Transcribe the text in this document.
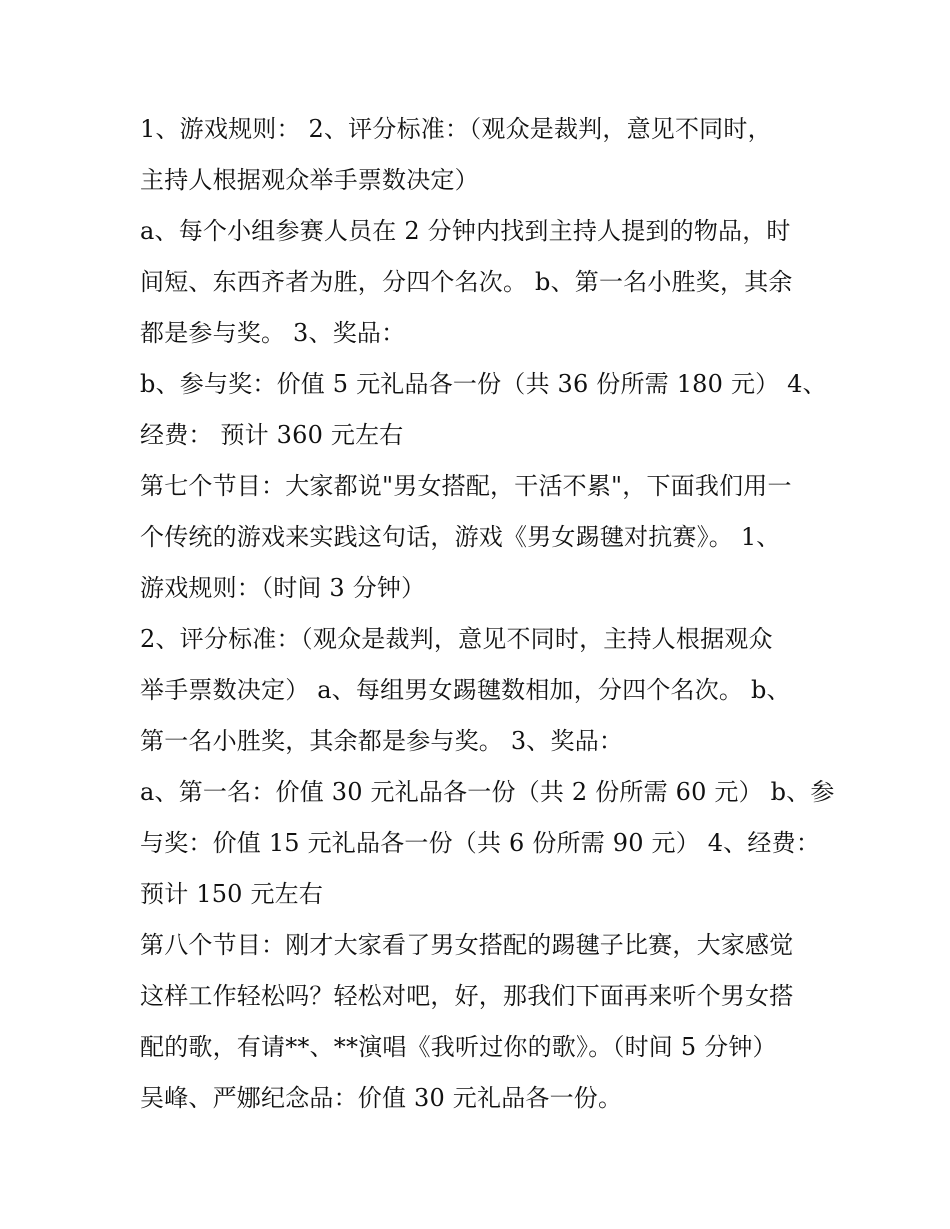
1、游戏规则： 2、评分标准：（观众是裁判，意见不同时，
主持人根据观众举手票数决定）
a、每个小组参赛人员在 2 分钟内找到主持人提到的物品，时
间短、东西齐者为胜，分四个名次。 b、第一名小胜奖，其余
都是参与奖。 3、奖品：
b、参与奖：价值 5 元礼品各一份（共 36 份所需 180 元） 4、
经费： 预计 360 元左右
第七个节目：大家都说"男女搭配，干活不累"，下面我们用一
个传统的游戏来实践这句话，游戏《男女踢毽对抗赛》。 1、
游戏规则：（时间 3 分钟）
2、评分标准：（观众是裁判，意见不同时，主持人根据观众
举手票数决定） a、每组男女踢毽数相加，分四个名次。 b、
第一名小胜奖，其余都是参与奖。 3、奖品：
a、第一名：价值 30 元礼品各一份（共 2 份所需 60 元） b、参
与奖：价值 15 元礼品各一份（共 6 份所需 90 元） 4、经费：
预计 150 元左右
第八个节目：刚才大家看了男女搭配的踢毽子比赛，大家感觉
这样工作轻松吗？轻松对吧，好，那我们下面再来听个男女搭
配的歌，有请**、**演唱《我听过你的歌》。（时间 5 分钟）
吴峰、严娜纪念品：价值 30 元礼品各一份。
